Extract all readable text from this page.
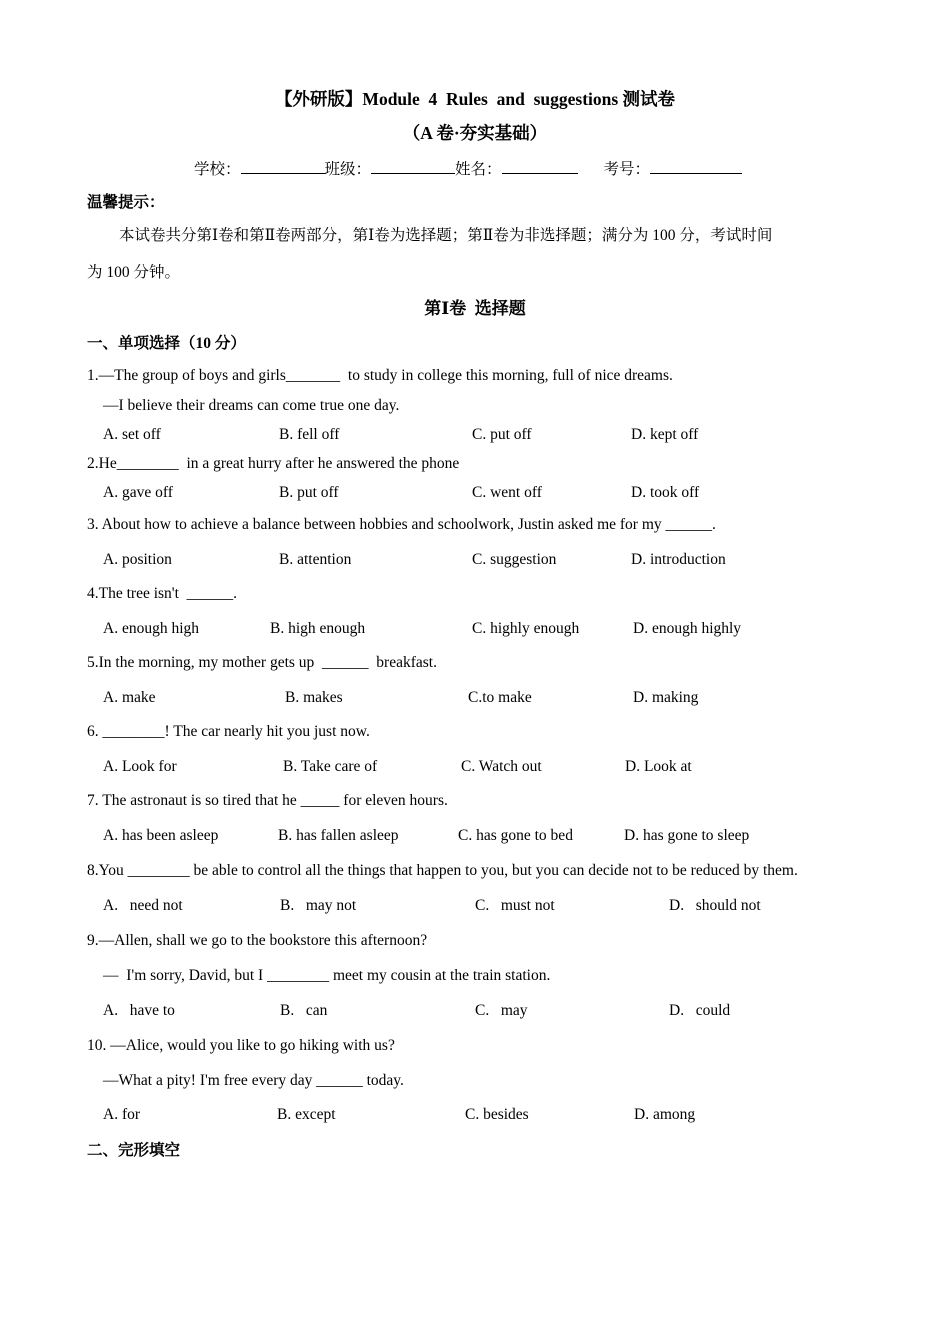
【外研版】Module  4  Rules  and  suggestions 测试卷
（A 卷·夯实基础）
学校：	班级：	姓名：	考号：
温馨提示：
本试卷共分第Ⅰ卷和第Ⅱ卷两部分，第Ⅰ卷为选择题；第Ⅱ卷为非选择题；满分为 100 分，考试时间
为 100 分钟。
第Ⅰ卷  选择题
一、单项选择（10 分）
1.—The group of boys and girls_______  to study in college this morning, full of nice dreams.
—I believe their dreams can come true one day.
A. set off	B. fell off	C. put off	D. kept off
2.He________  in a great hurry after he answered the phone
A. gave off	B. put off	C. went off	D. took off
3. About how to achieve a balance between hobbies and schoolwork, Justin asked me for my ______.
A. position	B. attention	C. suggestion	D. introduction
4.The tree isn't  ______.
A. enough high	B. high enough	C. highly enough	D. enough highly
5.In the morning, my mother gets up  ______  breakfast.
A. make	B. makes	C.to make	D. making
6. ________! The car nearly hit you just now.
A. Look for	B. Take care of	C. Watch out	D. Look at
7. The astronaut is so tired that he _____ for eleven hours.
A. has been asleep	B. has fallen asleep	C. has gone to bed	D. has gone to sleep
8.You ________ be able to control all the things that happen to you, but you can decide not to be reduced by them.
A.   need not	B.   may not	C.   must not	D.   should not
9.—Allen, shall we go to the bookstore this afternoon?
—  I'm sorry, David, but I ________ meet my cousin at the train station.
A.   have to	B.   can	C.   may	D.   could
10. —Alice, would you like to go hiking with us?
—What a pity! I'm free every day ______ today.
A. for	B. except	C. besides	D. among
二、完形填空
